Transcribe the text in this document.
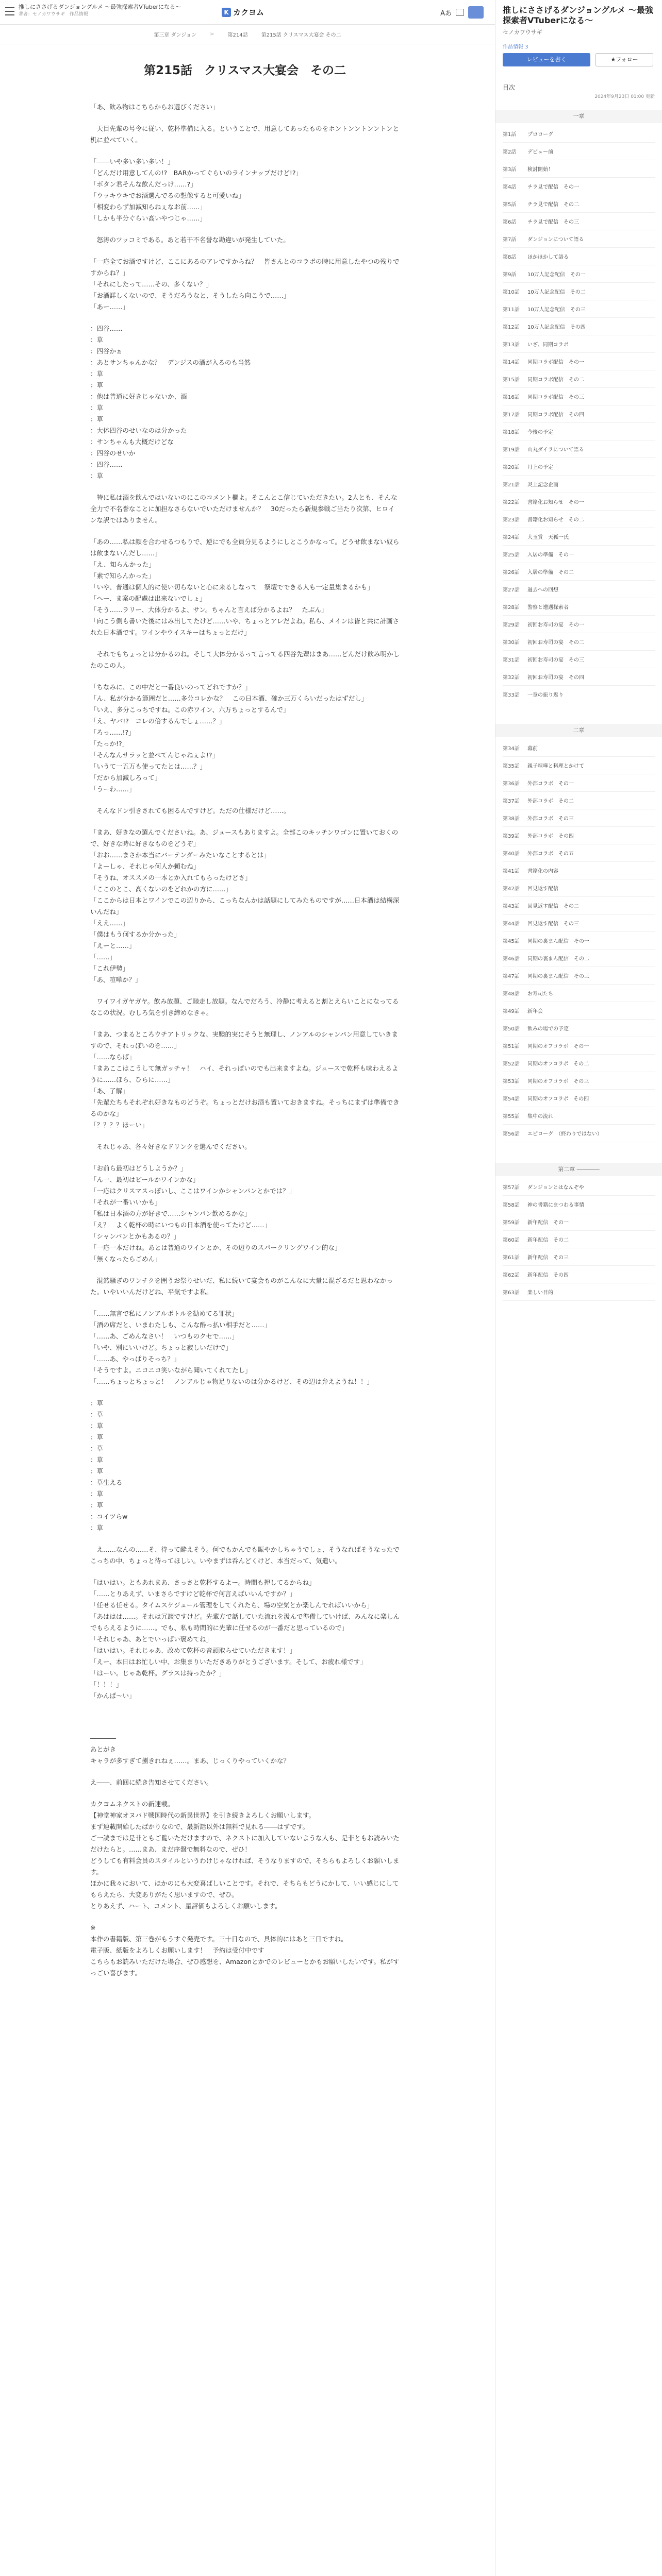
推しにささげるダンジョングルメ ～最強探索者VTuberになる～
著者：セノカワウサギ　作品情報	K カクヨム	Aあ
第三章 ダンジョン	>	第214話	第215話 クリスマス大宴会 その二
第215話　クリスマス大宴会　その二
「あ、飲み物はこちらからお選びください」
　天目先輩の号令に従い、乾杯準備に入る。ということで、用意してあったものをホントンントンントンと机に並べていく。
「――いや多い多い多い！」
「どんだけ用意してんの!?　BARかってぐらいのラインナップだけど!?」
「ボタン君そんな飲んだっけ……?」
「ウッキウキでお酒選んでるの想像すると可愛いね」
「相変わらず加減知らねぇなお前……」
「しかも半分ぐらい高いやつじゃ……」
　怒涛のツッコミである。あと若干不名誉な勘違いが発生していた。
「一応全てお酒ですけど、ここにあるのアレですからね？　皆さんとのコラボの時に用意したやつの残りですからね？」
「それにしたって……その、多くない？」
「お酒詳しくないので、そうだろうなと、そうしたら向こうで……」
「あー……」
：四谷……
：草
：四谷かぁ
：あとサンちゃんかな？　デンジスの酒が入るのも当然
：草
：草
：他は普通に好きじゃないか、酒
：草
：草
：大体四谷のせいなのは分かった
：サンちゃんも大概だけどな
：四谷のせいか
：四谷……
：草
　特に私は酒を飲んではいないのにこのコメント欄よ。そこんとこ信じていただきたい。2人とも、そんな全力で不名誉なことに加担なさらないでいただけませんか？　30だったら新規参戦ご当たり次第、ヒロインな訳ではありません。
「あの……私は顔を合わせるつもりで、逆にでも全員分見るようにしとこうかなって。どうせ飲まない奴らは飲まないんだし……」
「え、知らんかった」
「素で知らんかった」
「いや、普通は個人的に使い切らないと心に来るしなって　祭壇でできる人も一定量集まるかも」
「へー、ま案の配慮は出来ないでしょ」
「そう……ラリー、大体分かるよ、サン。ちゃんと言えば分かるよね？　たぶん」
「向こう側も書いた後にはみ出してたけど……いや、ちょっとアレだよね。私ら、メインは皆と共に計画された日本酒です。ワインやウイスキーはちょっとだけ」
　それでもちょっとは分かるのね。そして大体分かるって言ってる四谷先輩はまあ……どんだけ飲み明かしたのこの人。
「ちなみに、この中だと一番良いのってどれですか？」
「ん、私が分かる範囲だと……多分コレかな？　この日本酒、確か三万くらいだったはずだし」
「いえ、多分こっちですね。この赤ワイン、六万ちょっとするんで」
「え、ヤバ!?　コレの倍するんでしょ……？」
「ろっ……!?」
「たっか!?」
「そんなんサラッと並べてんじゃねぇよ!?」
「いうて一五万も使ってたとは……？」
「だから加減しろって」
「うーわ……」
　そんなドン引きされても困るんですけど。ただの仕様だけど……。
「まあ、好きなの選んでくださいね。あ、ジュースもありますよ。全部このキッチンワゴンに置いておくので、好きな時に好きなものをどうぞ」
「おお……まさか本当にバーテンダーみたいなことするとは」
「よーしゃ、それじゃ何人か頼むね」
「そうね、オススメの一本とか入れてもらったけどさ」
「ここのとこ、高くないのをどれかの方に……」
「ここからは日本とワインでこの辺りから、こっちなんかは話題にしてみたものですが……日本酒は結構深いんだね」
「ええ……」
「僕はもう何するか分かった」
「えーと……」
「……」
「これ伊勢」
「あ、喧嘩か？」
　ワイワイガヤガヤ。飲み放題、ご馳走し放題。なんでだろう、冷静に考えると割とえらいことになってるなこの状況。むしろ気を引き締めなきゃ。
「まあ、つまるところウチアトリックな、実験的実にそうと無理し、ノンアルのシャンパン用意していきますので、それっぽいのを……」
「……ならば」
「まあここはこうして無ガッチャ！　ハイ、それっぽいのでも出来ますよね。ジュースで乾杯も味わえるように……ほら、ひらに……」
「あ、了解」
「先輩たちもそれぞれ好きなものどうぞ。ちょっとだけお酒も置いておきますね。そっちにまずは準備できるのかな」
「？？？？ほーい」
　それじゃあ、各々好きなドリンクを選んでください。
「お前ら最初はどうしようか？」
「ん一、最初はビールかワインかな」
「一応はクリスマスっぽいし、ここはワインかシャンパンとかでは？」
「それが一番いいかも」
「私は日本酒の方が好きで……シャンパン飲めるかな」
「え？　よく乾杯の時にいつもの日本酒を使ってたけど……」
「シャンパンとかもあるの？」
「一応一本だけね。あとは普通のワインとか、その辺りのスパークリングワイン的な」
「無くなったらごめん」
　混然騒ぎのワンチクを囲うお祭りせいだ、私に続いて宴会ものがこんなに大量に混ざるだと思わなかった。いやいいんだけどね、平気ですよ私。
「……無言で私にノンアルボトルを勧めてる罪状」
「酒の席だと、いまわたしも、こんな酔っ払い相手だと……」
「……あ、ごめんなさい！　いつものクセで……」
「いや、別にいいけど。ちょっと寂しいだけで」
「……あ、やっぱりそっち？」
「そうですよ。ニコニコ笑いながら聞いてくれてたし」
「……ちょっとちょっと！　ノンアルじゃ物足りないのは分かるけど、その辺は弁えようね！！」
：草
：草
：草
：草
：草
：草
：草
：草生える
：草
：草
：コイツらw
：草
　え……なんの……そ、待って酔えそう。何でもかんでも賑やかしちゃうでしょ、そうなればそうなったでこっちの中、ちょっと待ってほしい。いやまずは呑んどくけど、本当だって、気遣い。
「はいはい。ともあれまあ、さっさと乾杯するよー。時間も押してるからね」
「……とりあえず、いまさらですけど乾杯で何言えばいいんですか？」
「任せる任せる。タイムスケジュール管理をしてくれたら、場の空気とか楽しんでればいいから」
「あははは……。それは冗談ですけど。先輩方で話していた流れを汲んで準備していけば、みんなに楽しんでもらえるように……。でも、私も時間的に先輩に任せるのが一番だと思っているので」
「それじゃあ、あとでいっぱい褒めてね」
「はいはい。それじゃあ、改めて乾杯の音頭取らせていただきます！」
「えー、本日はお忙しい中、お集まりいただきありがとうございます。そして、お疲れ様です」
「はーい。じゃあ乾杯。グラスは持ったか？」
「！！！」
「かんぱ～い」
――――
あとがき
キャラが多すぎて捌きれねぇ……。まあ、じっくりやっていくかな？
え――、前回に続き告知させてください。
カクヨムネクストの新連載。
【神堂神家オヌパド戦国時代の新異世界】を引き続きよろしくお願いします。
まず連載開始したばかりなので、最新話以外は無料で見れる――はずです。
ご一読までは是非ともご覧いただけますので、ネクストに加入していないような人も、是非ともお読みいただけたらと。……まあ、まだ序盤で無料なので、ぜひ！
どうしても有料会員のスタイルというわけじゃなければ、そうなりますので、そちらもよろしくお願いします。
ほかに我々において、ほかのにも大変喜ばしいことです。それで、そちらもどうにかして、いい感じにしてもらえたら、大変ありがたく思いますので、ぜひ。
とりあえず、ハート、コメント、星評価もよろしくお願いします。
※
本作の書籍版、第三巻がもうすぐ発売です。三十日なので、具体的にはあと三日ですね。
電子版、紙版をよろしくお願いします！　予約は受付中です
こちらもお読みいただけた場合、ぜひ感想を、Amazonとかでのレビューとかもお願いしたいです。私がすっごい喜びます。
推しにささげるダンジョングルメ ～最強探索者VTuberになる～
セノカワウサギ
作品情報 3
レビューを書く	★フォロー
目次
2024年9月23日 01:00 更新
一章
第1話 プロローグ
第2話 デビュー前
第3話 検討開始！
第4話 チラ見で配信　その一
第5話 チラ見で配信　その二
第6話 チラ見で配信　その三
第7話 ダンジョンについて語る
第8話 ほかほかして語る
第9話 10万人記念配信　その一
第10話 10万人記念配信　その二
第11話 10万人記念配信　その三
第12話 10万人記念配信　その四
第13話 いざ、同期コラボ
第14話 同期コラボ配信　その一
第15話 同期コラボ配信　その二
第16話 同期コラボ配信　その三
第17話 同期コラボ配信　その四
第18話 今後の予定
第19話 山丸ダイラについて語る
第20話 月上の予定
第21話 炎上記念企画
第22話 書籍化お知らせ　その一
第23話 書籍化お知らせ　その二
第24話 大玉賞　天狐一氏
第25話 入居の準備　その一
第26話 入居の準備　その二
第27話 過去への回想
第28話 警察と遭遇探索者
第29話 初回お寿司の宴　その一
第30話 初回お寿司の宴　その二
第31話 初回お寿司の宴　その三
第32話 初回お寿司の宴　その四
第33話 一章の振り返り
二章
第34話 幕前
第35話 親子喧嘩と料理とかけて
第36話 外部コラボ　その一
第37話 外部コラボ　その二
第38話 外部コラボ　その三
第39話 外部コラボ　その四
第40話 外部コラボ　その五
第41話 書籍化の内容
第42話 回見返す配信
第43話 回見返す配信　その二
第44話 回見返す配信　その三
第45話 同期の裏まん配信　その一
第46話 同期の裏まん配信　その二
第47話 同期の裏まん配信　その三
第48話 お寿司たち
第49話 新年会
第50話 飲みの場での予定
第51話 同期のオフコラボ　その一
第52話 同期のオフコラボ　その二
第53話 同期のオフコラボ　その三
第54話 同期のオフコラボ　その四
第55話 集中の流れ
第56話 エピローグ　（終わりではない）
第二章 ――――
第57話 ダンジョンとはなんぞや
第58話 神の書籍にまつわる事情
第59話 新年配信　その一
第60話 新年配信　その二
第61話 新年配信　その三
第62話 新年配信　その四
第63話 楽しい目的
